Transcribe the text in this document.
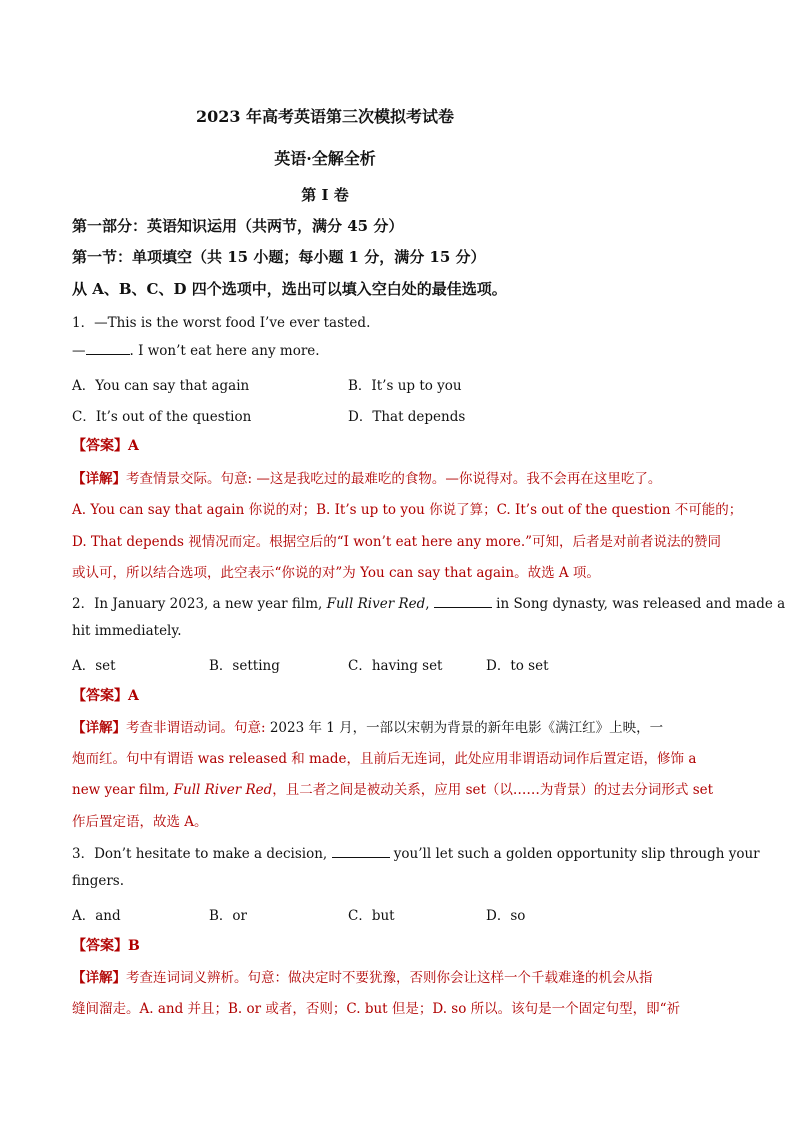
2023 年高考英语第三次模拟考试卷
英语·全解全析
第 I 卷
第一部分：英语知识运用（共两节，满分 45 分）
第一节：单项填空（共 15 小题；每小题 1 分，满分 15 分）
从 A、B、C、D 四个选项中，选出可以填入空白处的最佳选项。
1．—This is the worst food I’ve ever tasted.
—	. I won’t eat here any more.
A．You can say that again	B．It’s up to you
C．It’s out of the question	D．That depends
【答案】A
【详解】考查情景交际。句意: —这是我吃过的最难吃的食物。—你说得对。我不会再在这里吃了。
A. You can say that again 你说的对；B. It’s up to you 你说了算；C. It’s out of the question 不可能的；
D. That depends 视情况而定。根据空后的“I won’t eat here any more.”可知，后者是对前者说法的赞同
或认可，所以结合选项，此空表示“你说的对”为 You can say that again。故选 A 项。
2．In January 2023, a new year film, Full River Red,	in Song dynasty, was released and made a
hit immediately.
A．set	B．setting	C．having set	D．to set
【答案】A
【详解】考查非谓语动词。句意: 2023 年 1 月，一部以宋朝为背景的新年电影《满江红》上映，一
炮而红。句中有谓语 was released 和 made，且前后无连词，此处应用非谓语动词作后置定语，修饰 a
new year film, Full River Red，且二者之间是被动关系，应用 set（以……为背景）的过去分词形式 set
作后置定语，故选 A。
3．Don’t hesitate to make a decision,	you’ll let such a golden opportunity slip through your
fingers.
A．and	B．or	C．but	D．so
【答案】B
【详解】考查连词词义辨析。句意：做决定时不要犹豫，否则你会让这样一个千载难逢的机会从指
缝间溜走。A. and 并且；B. or 或者，否则；C. but 但是；D. so 所以。该句是一个固定句型，即“祈
